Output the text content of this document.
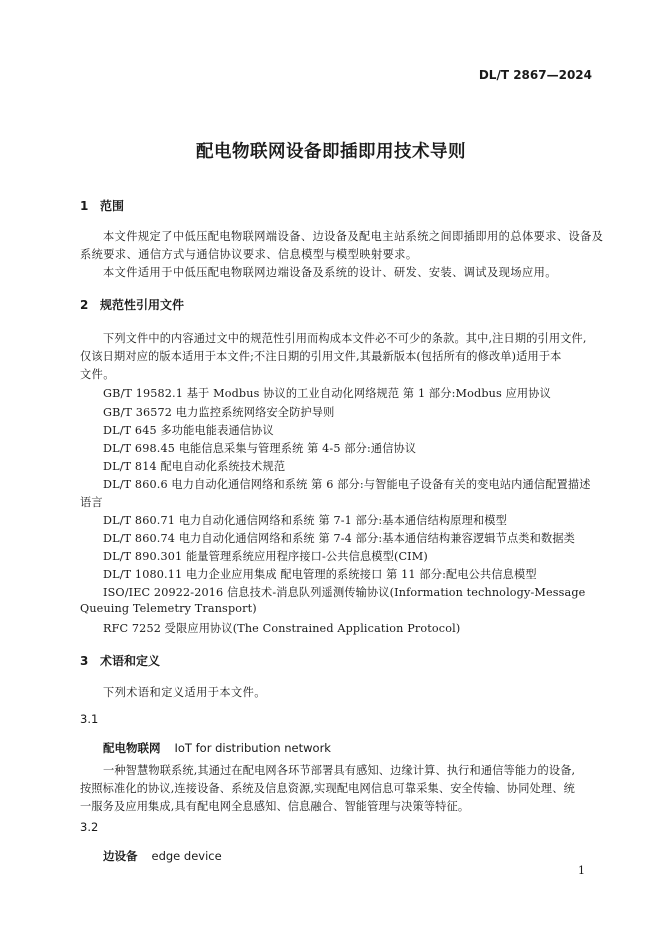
DL/T 2867—2024
配电物联网设备即插即用技术导则
1 范围
本文件规定了中低压配电物联网端设备、边设备及配电主站系统之间即插即用的总体要求、设备及
系统要求、通信方式与通信协议要求、信息模型与模型映射要求。
本文件适用于中低压配电物联网边端设备及系统的设计、研发、安装、调试及现场应用。
2 规范性引用文件
下列文件中的内容通过文中的规范性引用而构成本文件必不可少的条款。其中,注日期的引用文件,
仅该日期对应的版本适用于本文件;不注日期的引用文件,其最新版本(包括所有的修改单)适用于本
文件。
GB/T 19582.1 基于 Modbus 协议的工业自动化网络规范 第 1 部分:Modbus 应用协议
GB/T 36572 电力监控系统网络安全防护导则
DL/T 645 多功能电能表通信协议
DL/T 698.45 电能信息采集与管理系统 第 4-5 部分:通信协议
DL/T 814 配电自动化系统技术规范
DL/T 860.6 电力自动化通信网络和系统 第 6 部分:与智能电子设备有关的变电站内通信配置描述
语言
DL/T 860.71 电力自动化通信网络和系统 第 7-1 部分:基本通信结构原理和模型
DL/T 860.74 电力自动化通信网络和系统 第 7-4 部分:基本通信结构兼容逻辑节点类和数据类
DL/T 890.301 能量管理系统应用程序接口-公共信息模型(CIM)
DL/T 1080.11 电力企业应用集成 配电管理的系统接口 第 11 部分:配电公共信息模型
ISO/IEC 20922-2016 信息技术-消息队列遥测传输协议(Information technology-Message
Queuing Telemetry Transport)
RFC 7252 受限应用协议(The Constrained Application Protocol)
3 术语和定义
下列术语和定义适用于本文件。
3.1
配电物联网 IoT for distribution network
一种智慧物联系统,其通过在配电网各环节部署具有感知、边缘计算、执行和通信等能力的设备,
按照标准化的协议,连接设备、系统及信息资源,实现配电网信息可靠采集、安全传输、协同处理、统
一服务及应用集成,具有配电网全息感知、信息融合、智能管理与决策等特征。
3.2
边设备 edge device
1
